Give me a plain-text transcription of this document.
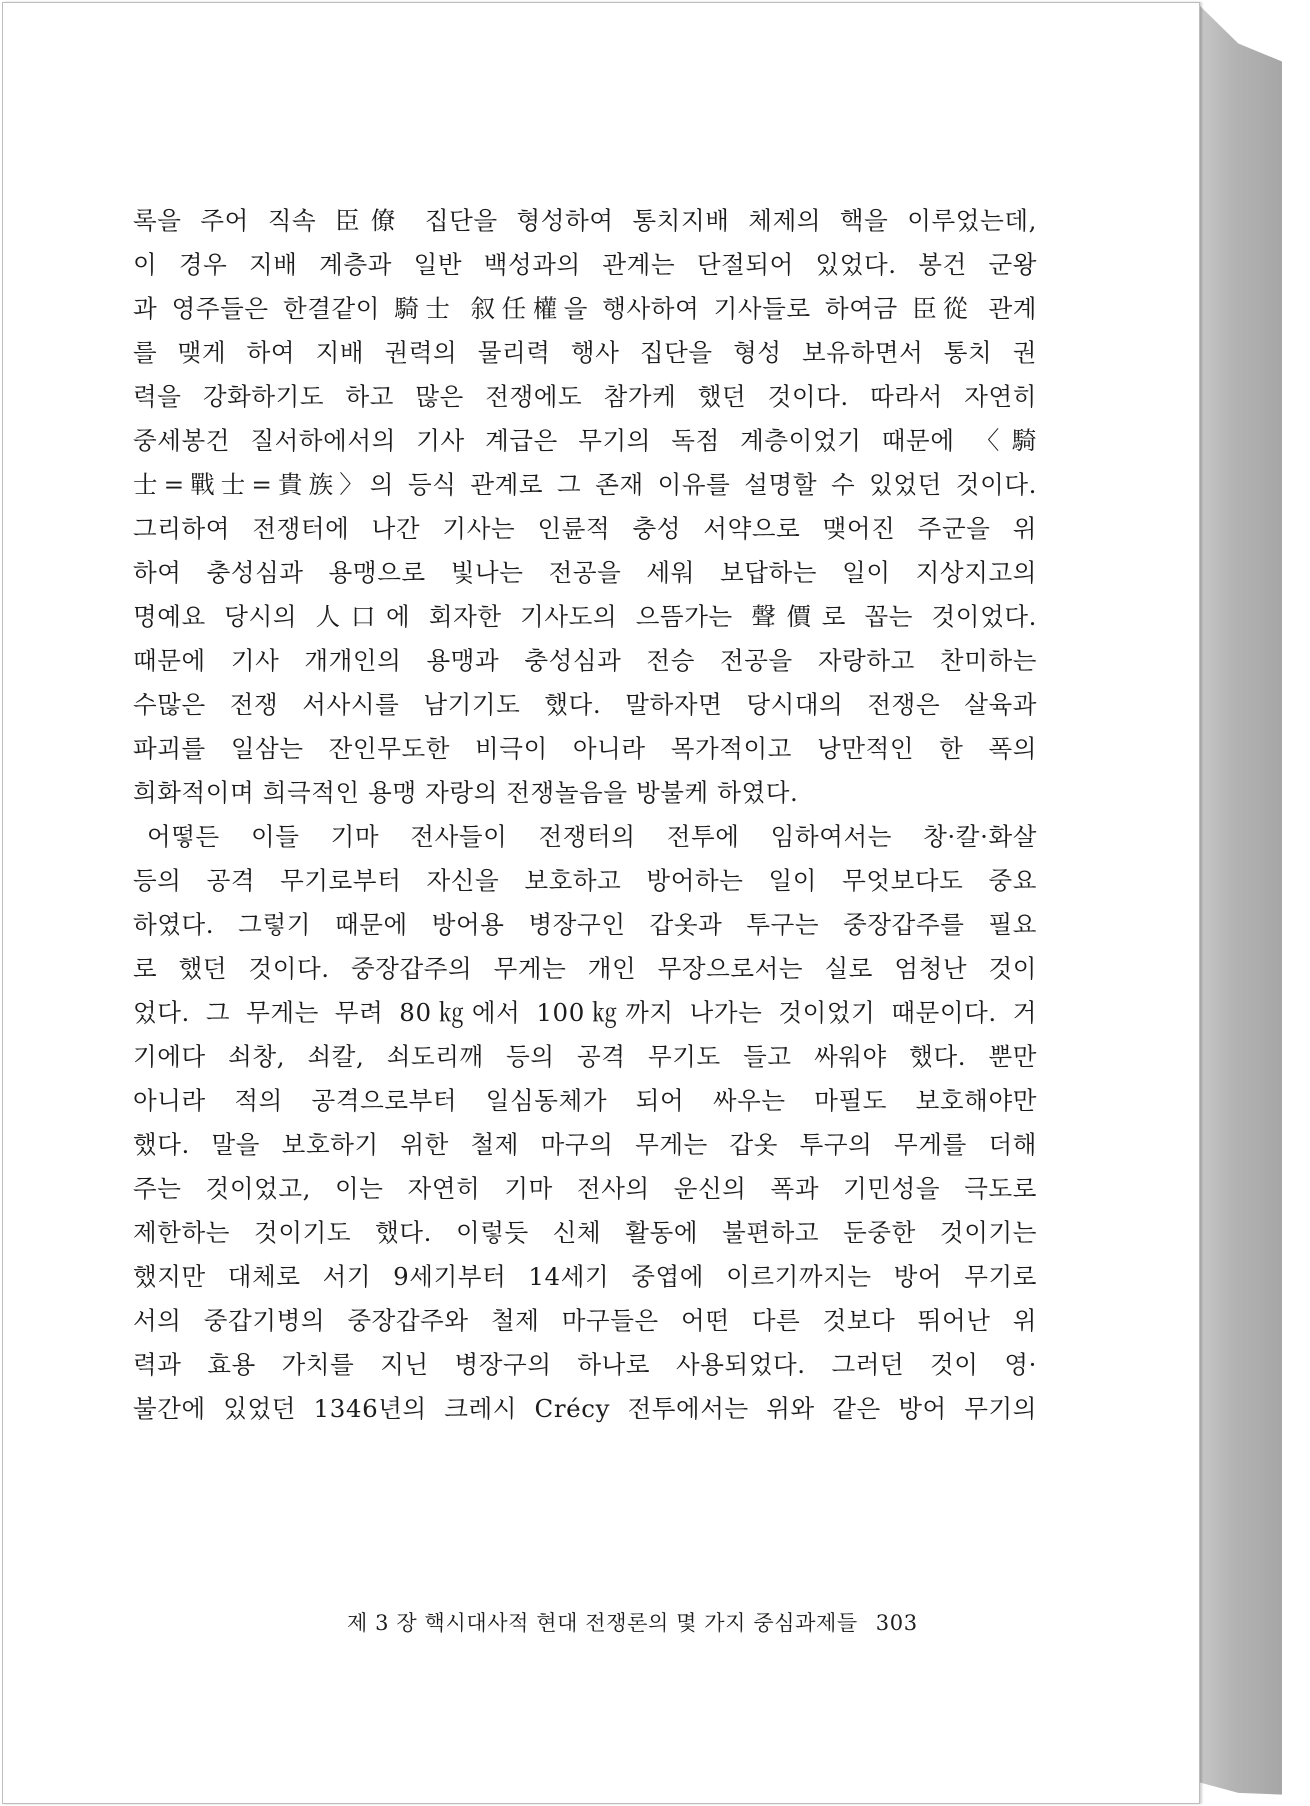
록을 주어 직속 臣僚 집단을 형성하여 통치지배 체제의 핵을 이루었는데,
이 경우 지배 계층과 일반 백성과의 관계는 단절되어 있었다. 봉건 군왕
과 영주들은 한결같이 騎士 叙任權을 행사하여 기사들로 하여금 臣從 관계
를 맺게 하여 지배 권력의 물리력 행사 집단을 형성 보유하면서 통치 권
력을 강화하기도 하고 많은 전쟁에도 참가케 했던 것이다. 따라서 자연히
중세봉건 질서하에서의 기사 계급은 무기의 독점 계층이었기 때문에 〈騎
士=戰士=貴族〉의 등식 관계로 그 존재 이유를 설명할 수 있었던 것이다.
그리하여 전쟁터에 나간 기사는 인륜적 충성 서약으로 맺어진 주군을 위
하여 충성심과 용맹으로 빛나는 전공을 세워 보답하는 일이 지상지고의
명예요 당시의 人口에 회자한 기사도의 으뜸가는 聲價로 꼽는 것이었다.
때문에 기사 개개인의 용맹과 충성심과 전승 전공을 자랑하고 찬미하는
수많은 전쟁 서사시를 남기기도 했다. 말하자면 당시대의 전쟁은 살육과
파괴를 일삼는 잔인무도한 비극이 아니라 목가적이고 낭만적인 한 폭의
희화적이며 희극적인 용맹 자랑의 전쟁놀음을 방불케 하였다.
어떻든 이들 기마 전사들이 전쟁터의 전투에 임하여서는 창·칼·화살
등의 공격 무기로부터 자신을 보호하고 방어하는 일이 무엇보다도 중요
하였다. 그렇기 때문에 방어용 병장구인 갑옷과 투구는 중장갑주를 필요
로 했던 것이다. 중장갑주의 무게는 개인 무장으로서는 실로 엄청난 것이
었다. 그 무게는 무려 80㎏에서 100㎏까지 나가는 것이었기 때문이다. 거
기에다 쇠창, 쇠칼, 쇠도리깨 등의 공격 무기도 들고 싸워야 했다. 뿐만
아니라 적의 공격으로부터 일심동체가 되어 싸우는 마필도 보호해야만
했다. 말을 보호하기 위한 철제 마구의 무게는 갑옷 투구의 무게를 더해
주는 것이었고, 이는 자연히 기마 전사의 운신의 폭과 기민성을 극도로
제한하는 것이기도 했다. 이렇듯 신체 활동에 불편하고 둔중한 것이기는
했지만 대체로 서기 9세기부터 14세기 중엽에 이르기까지는 방어 무기로
서의 중갑기병의 중장갑주와 철제 마구들은 어떤 다른 것보다 뛰어난 위
력과 효용 가치를 지닌 병장구의 하나로 사용되었다. 그러던 것이 영·
불간에 있었던 1346년의 크레시 Crécy 전투에서는 위와 같은 방어 무기의
제 3 장 핵시대사적 현대 전쟁론의 몇 가지 중심과제들 303
